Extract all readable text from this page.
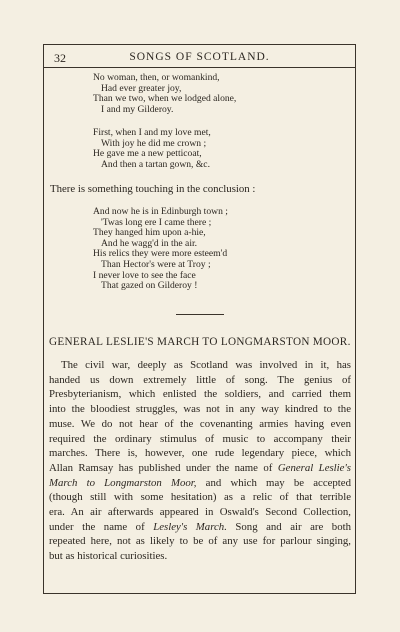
32	SONGS OF SCOTLAND.
No woman, then, or womankind,
Had ever greater joy,
Than we two, when we lodged alone,
I and my Gilderoy.
First, when I and my love met,
With joy he did me crown ;
He gave me a new petticoat,
And then a tartan gown, &c.
There is something touching in the conclusion :
And now he is in Edinburgh town ;
'Twas long ere I came there ;
They hanged him upon a-hie,
And he wagg'd in the air.
His relics they were more esteem'd
Than Hector's were at Troy ;
I never love to see the face
That gazed on Gilderoy !
GENERAL LESLIE'S MARCH TO LONGMARSTON MOOR.
The civil war, deeply as Scotland was involved in it, has
handed us down extremely little of song. The genius of
Presbyterianism, which enlisted the soldiers, and carried them
into the bloodiest struggles, was not in any way kindred to the
muse. We do not hear of the covenanting armies having even
required the ordinary stimulus of music to accompany their
marches. There is, however, one rude legendary piece, which
Allan Ramsay has published under the name of General Leslie's
March to Longmarston Moor, and which may be accepted
(though still with some hesitation) as a relic of that terrible
era. An air afterwards appeared in Oswald's Second Collection,
under the name of Lesley's March. Song and air are both
repeated here, not as likely to be of any use for parlour singing,
but as historical curiosities.
